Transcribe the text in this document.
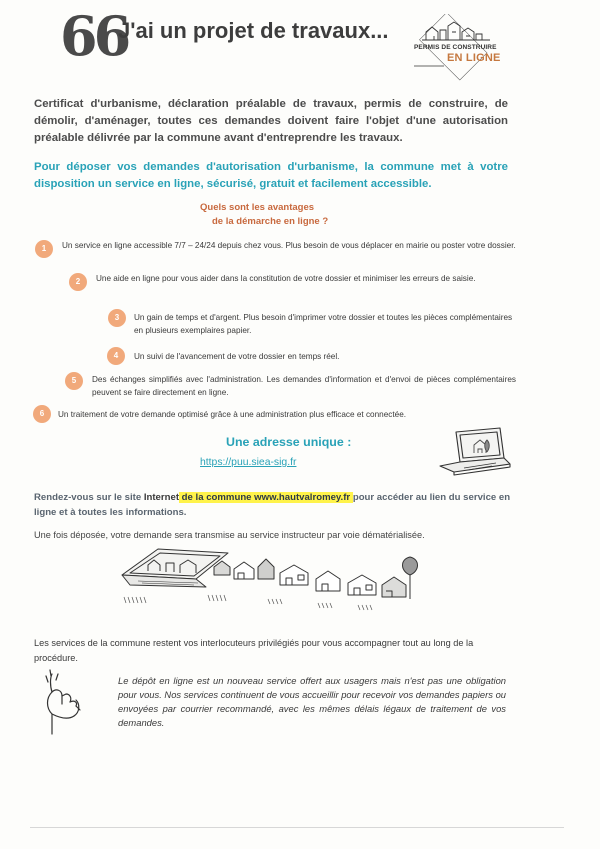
66
J'ai un projet de travaux...
PERMIS DE CONSTRUIRE
EN LIGNE

Certificat d'urbanisme, déclaration préalable de travaux, permis de construire, de démolir, d'aménager, toutes ces demandes doivent faire l'objet d'une autorisation préalable délivrée par la commune avant d'entreprendre les travaux.

Pour déposer vos demandes d'autorisation d'urbanisme, la commune met à votre disposition un service en ligne, sécurisé, gratuit et facilement accessible.

Quels sont les avantages
de la démarche en ligne ?
1	Un service en ligne accessible 7/7 – 24/24 depuis chez vous. Plus besoin de vous déplacer en mairie ou poster votre dossier.
2	Une aide en ligne pour vous aider dans la constitution de votre dossier et minimiser les erreurs de saisie.
3	Un gain de temps et d'argent. Plus besoin d'imprimer votre dossier et toutes les pièces complémentaires en plusieurs exemplaires papier.
4	Un suivi de l'avancement de votre dossier en temps réel.
5	Des échanges simplifiés avec l'administration. Les demandes d'information et d'envoi de pièces complémentaires peuvent se faire directement en ligne.
6	Un traitement de votre demande optimisé grâce à une administration plus efficace et connectée.
Une adresse unique :
https://puu.siea-sig.fr

Rendez-vous sur le site Internet de la commune www.hautvalromey.fr pour accéder au lien du service en ligne et à toutes les informations.

Une fois déposée, votre demande sera transmise au service instructeur par voie dématérialisée.

Les services de la commune restent vos interlocuteurs privilégiés pour vous accompagner tout au long de la procédure.

Le dépôt en ligne est un nouveau service offert aux usagers mais n'est pas une obligation pour vous. Nos services continuent de vous accueillir pour recevoir vos demandes papiers ou envoyées par courrier recommandé, avec les mêmes délais légaux de traitement de vos demandes.
